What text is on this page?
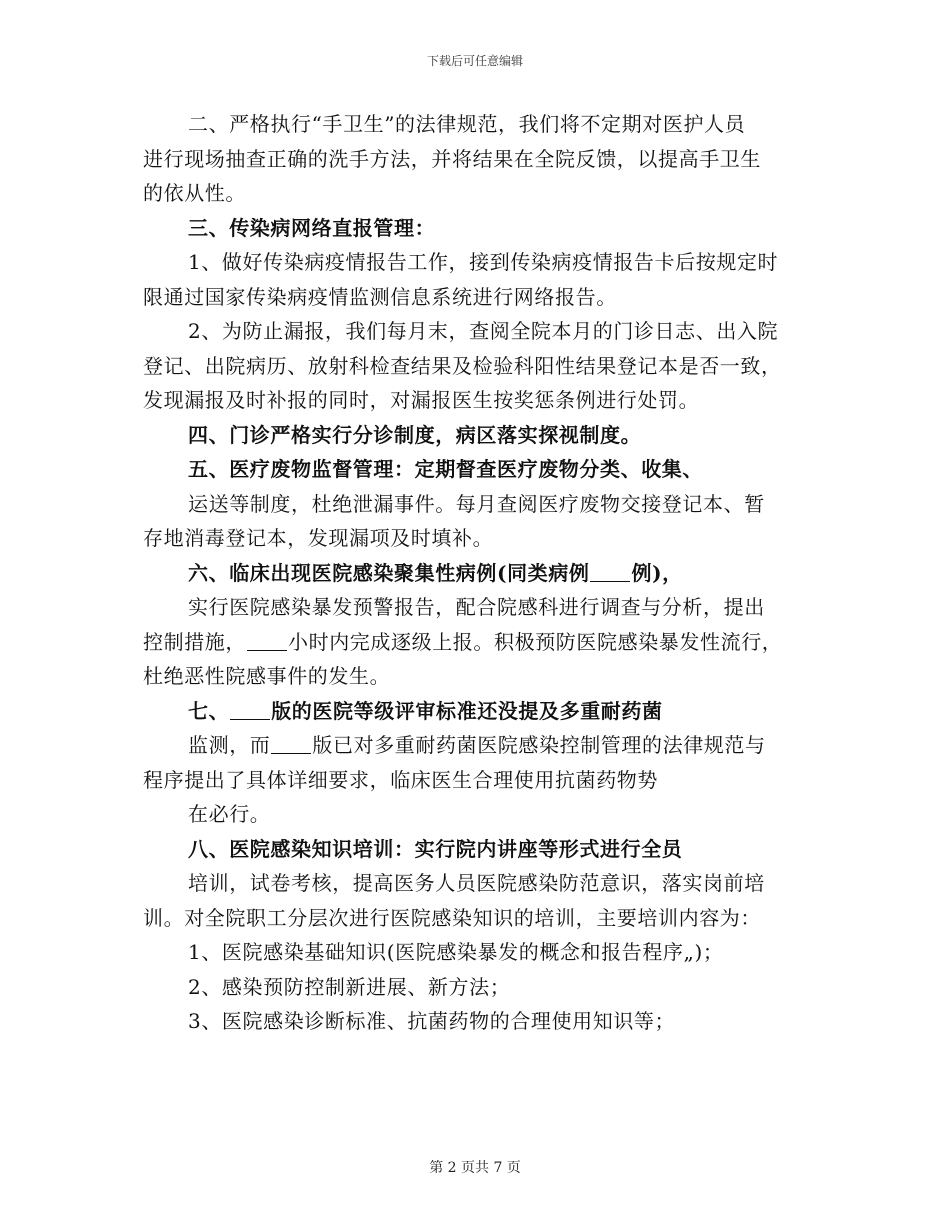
下载后可任意编辑
二、严格执行“手卫生”的法律规范，我们将不定期对医护人员
进行现场抽查正确的洗手方法，并将结果在全院反馈，以提高手卫生
的依从性。
三、传染病网络直报管理：
1、做好传染病疫情报告工作，接到传染病疫情报告卡后按规定时
限通过国家传染病疫情监测信息系统进行网络报告。
2、为防止漏报，我们每月末，查阅全院本月的门诊日志、出入院
登记、出院病历、放射科检查结果及检验科阳性结果登记本是否一致，
发现漏报及时补报的同时，对漏报医生按奖惩条例进行处罚。
四、门诊严格实行分诊制度，病区落实探视制度。
五、医疗废物监督管理：定期督查医疗废物分类、收集、
运送等制度，杜绝泄漏事件。每月查阅医疗废物交接登记本、暂
存地消毒登记本，发现漏项及时填补。
六、临床出现医院感染聚集性病例(同类病例 例)，
实行医院感染暴发预警报告，配合院感科进行调查与分析，提出
控制措施， 小时内完成逐级上报。积极预防医院感染暴发性流行，
杜绝恶性院感事件的发生。
七、 版的医院等级评审标准还没提及多重耐药菌
监测，而 版已对多重耐药菌医院感染控制管理的法律规范与
程序提出了具体详细要求，临床医生合理使用抗菌药物势
在必行。
八、医院感染知识培训：实行院内讲座等形式进行全员
培训，试卷考核，提高医务人员医院感染防范意识，落实岗前培
训。对全院职工分层次进行医院感染知识的培训，主要培训内容为：
1、医院感染基础知识(医院感染暴发的概念和报告程序„)；
2、感染预防控制新进展、新方法；
3、医院感染诊断标准、抗菌药物的合理使用知识等；
第 2 页共 7 页
